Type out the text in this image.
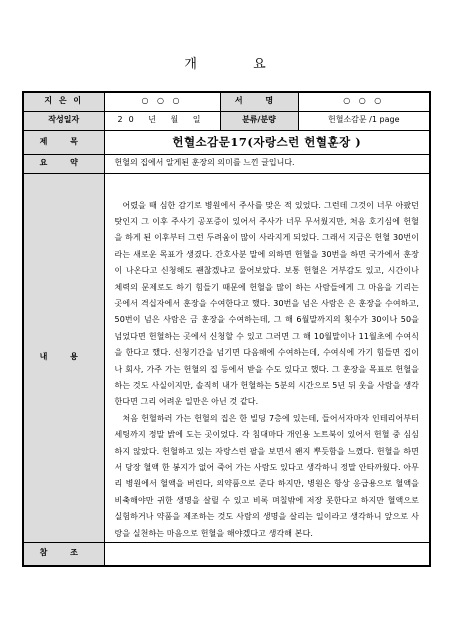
개 요
지 은 이	○ ○ ○	서 명	○ ○ ○
작성일자	20 년 월 일	분류/분량	헌혈소감문 /1 page
제 목	헌혈소감문17(자랑스런 헌혈훈장 )		
요 약	헌혈의 집에서 알게된 훈장의 의미를 느낀 글입니다.		
내 용	어렸을 때 심한 감기로 병원에서 주사를 맞은 적 있었다. 그런데 그것이 너무 아팠던 탓인지 그 이후 주사기 공포증이 있어서 주사가 너무 무서웠지만, 처음 호기심에 헌혈을 하게 된 이후부터 그런 두려움이 많이 사라지게 되었다. 그래서 지금은 헌혈 30번이라는 새로운 목표가 생겼다. 간호사분 말에 의하면 헌혈을 30번을 하면 국가에서 훈장이 나온다고 신청해도 괜찮겠냐고 물어보았다. 보통 헌혈은 거부감도 있고, 시간이나 체력의 문제로도 하기 힘들기 때문에 헌혈을 많이 하는 사람들에게 그 마음을 기리는 곳에서 격십자에서 훈장을 수여한다고 했다. 30번을 넘은 사람은 은 훈장을 수여하고, 50번이 넘은 사람은 금 훈장을 수여하는데, 그 해 6월말까지의 횟수가 30이나 50을 넘었다면 헌혈하는 곳에서 신청할 수 있고 그러면 그 해 10월말이나 11월초에 수여식을 한다고 했다. 신청기간을 넘기면 다음해에 수여하는데, 수여식에 가기 힘들면 집이나 회사, 가주 가는 헌혈의 집 등에서 받을 수도 있다고 했다. 그 훈장을 목표로 헌혈을 하는 것도 사실이지만, 솔직히 내가 헌혈하는 5분의 시간으로 5년 뒤 웃을 사람을 생각한다면 그리 어려운 일만은 아닌 것 같다.

처음 헌혈하러 가는 헌혈의 집은 한 빌딩 7층에 있는데, 들어서자마자 인테리어부터 세팅까지 정말 밝에 도는 곳이었다. 각 침대마다 개인용 노트북이 있어서 헌혈 중 심심하지 않았다. 헌혈하고 있는 자랑스런 팔을 보면서 왠지 뿌듯함을 느꼈다. 헌혈을 하면서 당장 혈액 한 봉지가 없어 죽어 가는 사람도 있다고 생각하니 정말 안타까웠다. 아무리 병원에서 혈액을 버린다, 의약품으로 준다 하지만, 병원은 항상 응급용으로 혈액을 비축해야만 귀한 생명을 살릴 수 있고 비록 며칠밖에 저장 못한다고 하지만 혈액으로 실험하거나 약품을 제조하는 것도 사람의 생명을 살리는 일이라고 생각하니 앞으로 사랑을 실천하는 마음으로 헌혈을 해야겠다고 생각해 본다.		

참 조			
